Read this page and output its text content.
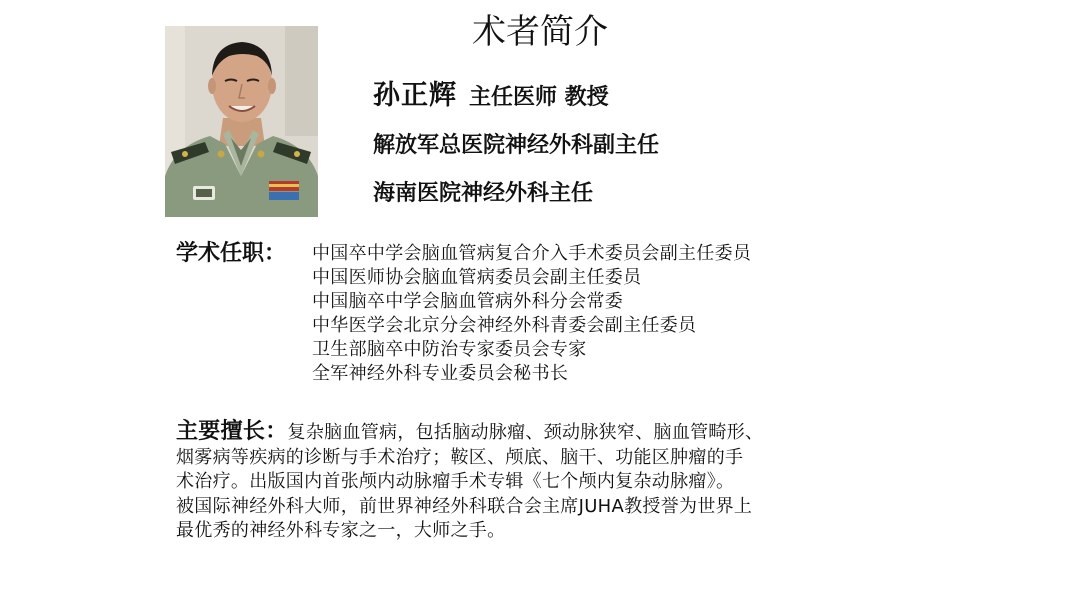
术者简介
孙正辉 主任医师 教授
解放军总医院神经外科副主任
海南医院神经外科主任
学术任职： 中国卒中学会脑血管病复合介入手术委员会副主任委员
中国医师协会脑血管病委员会副主任委员
中国脑卒中学会脑血管病外科分会常委
中华医学会北京分会神经外科青委会副主任委员
卫生部脑卒中防治专家委员会专家
全军神经外科专业委员会秘书长
主要擅长：复杂脑血管病，包括脑动脉瘤、颈动脉狭窄、脑血管畸形、
烟雾病等疾病的诊断与手术治疗；鞍区、颅底、脑干、功能区肿瘤的手
术治疗。出版国内首张颅内动脉瘤手术专辑《七个颅内复杂动脉瘤》。
被国际神经外科大师，前世界神经外科联合会主席JUHA教授誉为世界上
最优秀的神经外科专家之一，大师之手。
